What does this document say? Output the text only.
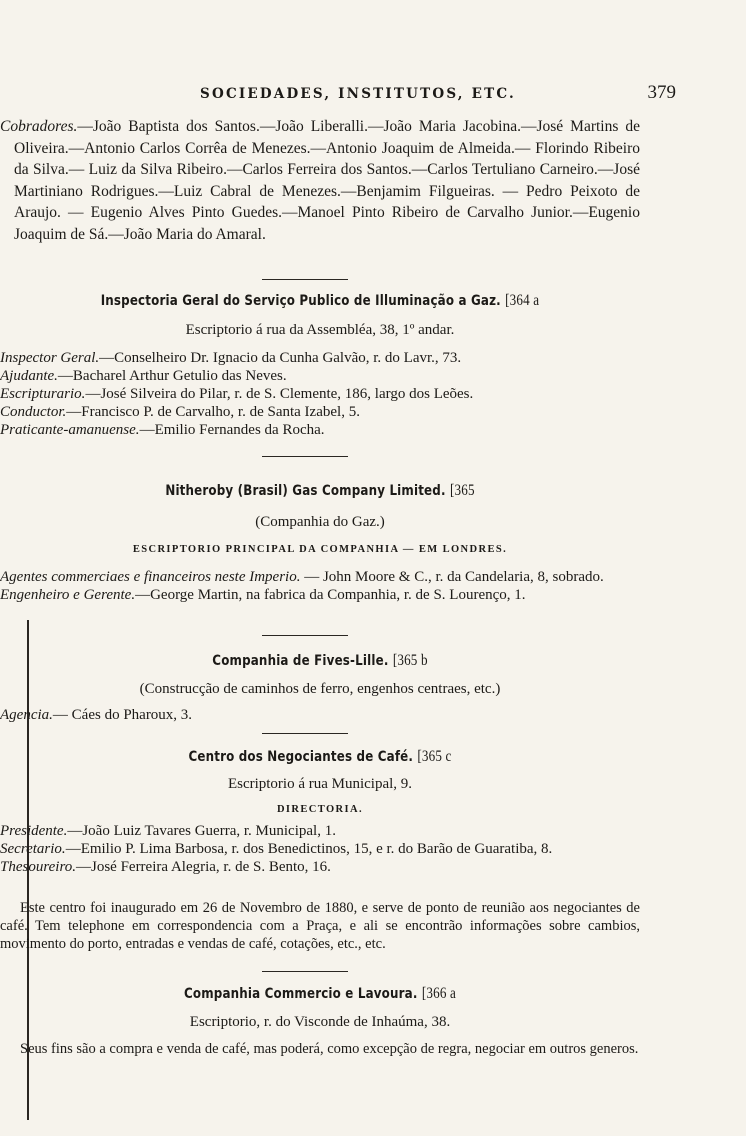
SOCIEDADES, INSTITUTOS, ETC.	379
Cobradores.—João Baptista dos Santos.—João Liberalli.—João Maria Jacobina.—José Martins de Oliveira.—Antonio Carlos Corrêa de Menezes.—Antonio Joaquim de Almeida.— Florindo Ribeiro da Silva.— Luiz da Silva Ribeiro.—Carlos Ferreira dos Santos.—Carlos Tertuliano Carneiro.—José Martiniano Rodrigues.—Luiz Cabral de Menezes.—Benjamim Filgueiras. — Pedro Peixoto de Araujo. — Eugenio Alves Pinto Guedes.—Manoel Pinto Ribeiro de Carvalho Junior.—Eugenio Joaquim de Sá.—João Maria do Amaral.
Inspectoria Geral do Serviço Publico de Illuminação a Gaz. [364 a
Escriptorio á rua da Assembléa, 38, 1º andar.
Inspector Geral.—Conselheiro Dr. Ignacio da Cunha Galvão, r. do Lavr., 73.
Ajudante.—Bacharel Arthur Getulio das Neves.
Escripturario.—José Silveira do Pilar, r. de S. Clemente, 186, largo dos Leões.
Conductor.—Francisco P. de Carvalho, r. de Santa Izabel, 5.
Praticante-amanuense.—Emilio Fernandes da Rocha.
Nitheroby (Brasil) Gas Company Limited. [365
(Companhia do Gaz.)
ESCRIPTORIO PRINCIPAL DA COMPANHIA — EM LONDRES.
Agentes commerciaes e financeiros neste Imperio. — John Moore & C., r. da Candelaria, 8, sobrado.
Engenheiro e Gerente.—George Martin, na fabrica da Companhia, r. de S. Lourenço, 1.
Companhia de Fives-Lille. [365 b
(Construcção de caminhos de ferro, engenhos centraes, etc.)
Agencia.— Cáes do Pharoux, 3.
Centro dos Negociantes de Café. [365 c
Escriptorio á rua Municipal, 9.
DIRECTORIA.
Presidente.—João Luiz Tavares Guerra, r. Municipal, 1.
Secretario.—Emilio P. Lima Barbosa, r. dos Benedictinos, 15, e r. do Barão de Guaratiba, 8.
Thesoureiro.—José Ferreira Alegria, r. de S. Bento, 16.
Este centro foi inaugurado em 26 de Novembro de 1880, e serve de ponto de reunião aos negociantes de café. Tem telephone em correspondencia com a Praça, e ali se encontrão informações sobre cambios, movimento do porto, entradas e vendas de café, cotações, etc., etc.
Companhia Commercio e Lavoura. [366 a
Escriptorio, r. do Visconde de Inhaúma, 38.
Seus fins são a compra e venda de café, mas poderá, como excepção de regra, negociar em outros generos.
